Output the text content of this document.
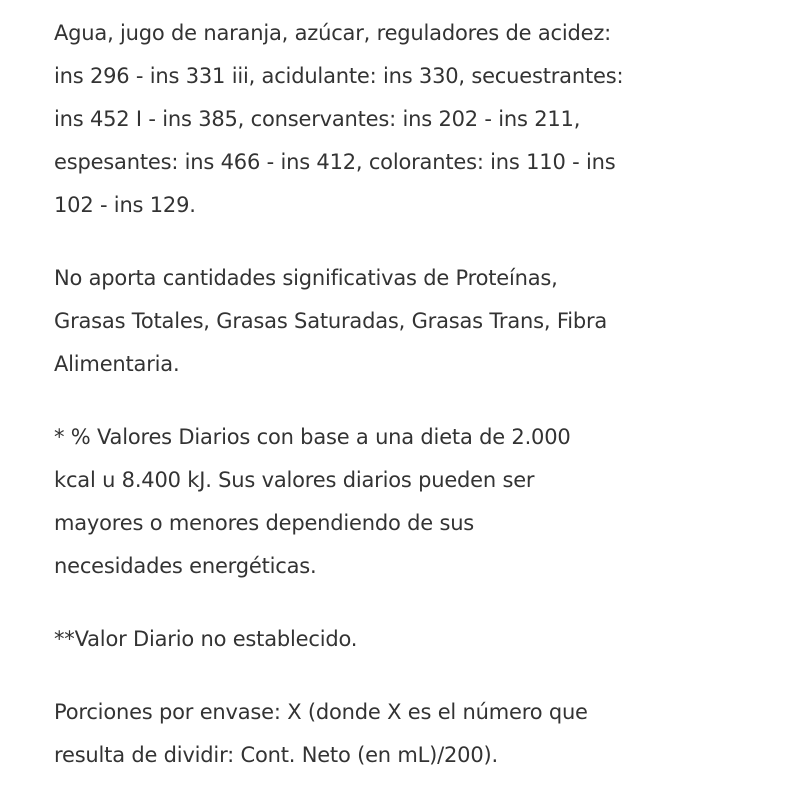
Agua, jugo de naranja, azúcar, reguladores de acidez:
ins 296 - ins 331 iii, acidulante: ins 330, secuestrantes:
ins 452 I - ins 385, conservantes: ins 202 - ins 211,
espesantes: ins 466 - ins 412, colorantes: ins 110 - ins
102 - ins 129.

No aporta cantidades significativas de Proteínas,
Grasas Totales, Grasas Saturadas, Grasas Trans, Fibra
Alimentaria.

* % Valores Diarios con base a una dieta de 2.000
kcal u 8.400 kJ. Sus valores diarios pueden ser
mayores o menores dependiendo de sus
necesidades energéticas.

**Valor Diario no establecido.

Porciones por envase: X (donde X es el número que
resulta de dividir: Cont. Neto (en mL)/200).
